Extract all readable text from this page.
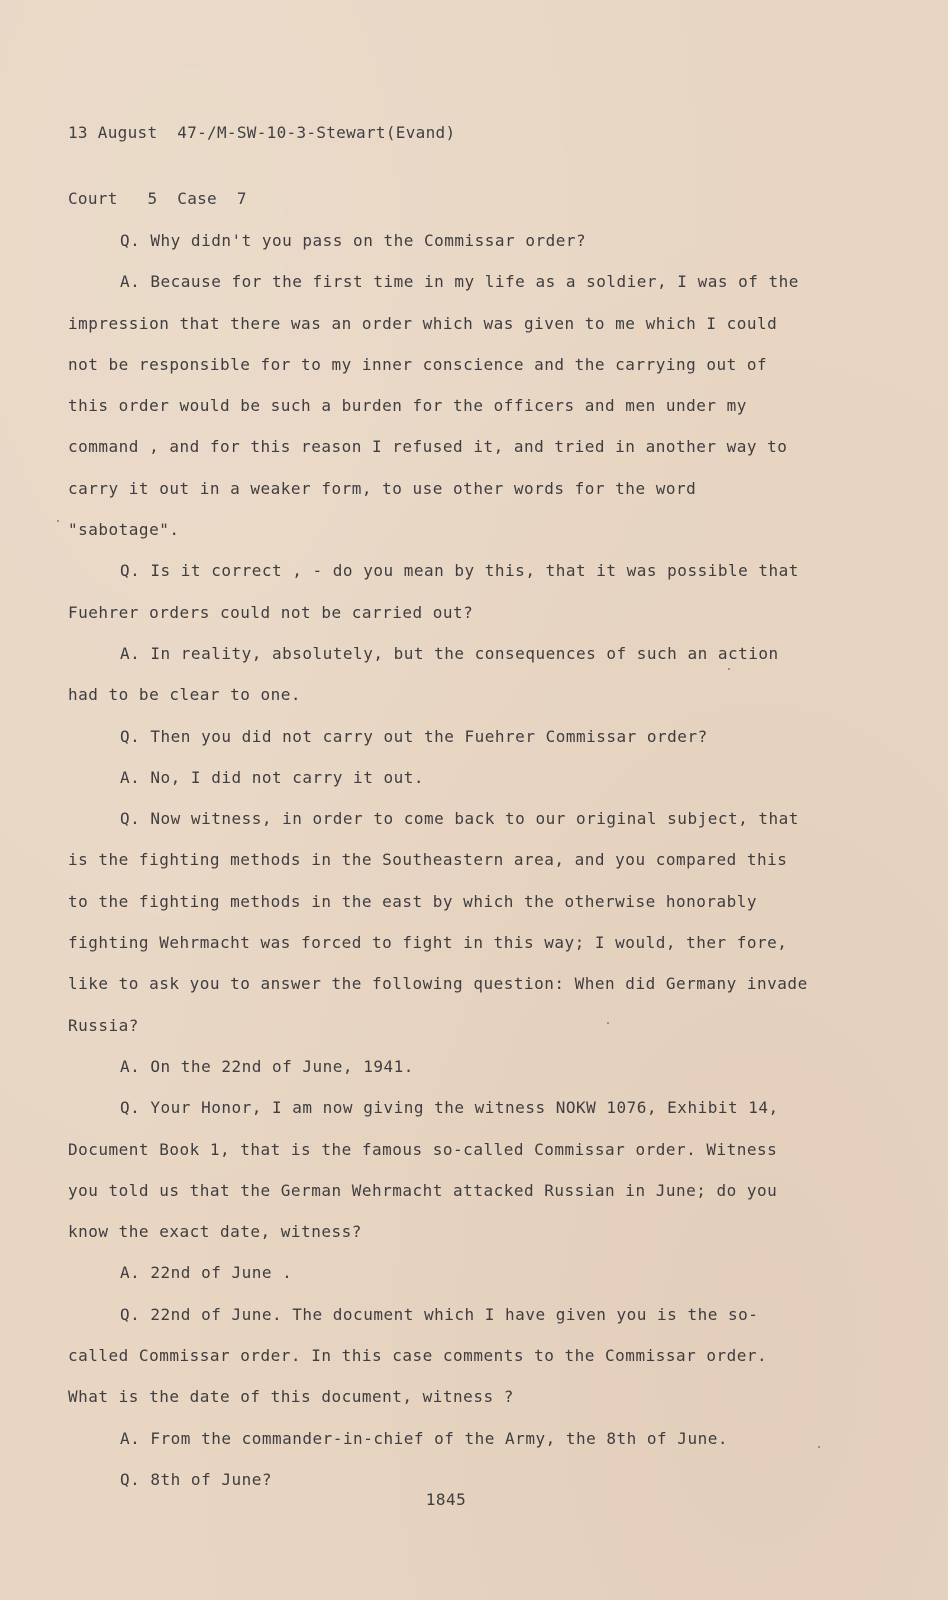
13 August  47-/M-SW-10-3-Stewart(Evand)

Court   5  Case  7

Q. Why didn't you pass on the Commissar order?

A. Because for the first time in my life as a soldier, I was of the impression that there was an order which was given to me which I could not be responsible for to my inner conscience and the carrying out of this order would be such a burden for the officers and men under my command , and for this reason I refused it, and tried in another way to carry it out in a weaker form, to use other words for the word "sabotage".

Q. Is it correct , - do you mean by this, that it was possible that Fuehrer orders could not be carried out?

A. In reality, absolutely, but the consequences of such an action had to be clear to one.

Q. Then you did not carry out the Fuehrer Commissar order?

A. No, I did not carry it out.

Q. Now witness, in order to come back to our original subject, that is the fighting methods in the Southeastern area, and you compared this to the fighting methods in the east by which the otherwise honorably fighting Wehrmacht was forced to fight in this way; I would, ther fore, like to ask you to answer the following question: When did Germany invade Russia?

A. On the 22nd of June, 1941.

Q. Your Honor, I am now giving the witness NOKW 1076, Exhibit 14, Document Book 1, that is the famous so-called Commissar order. Witness you told us that the German Wehrmacht attacked Russian in June; do you know the exact date, witness?

A. 22nd of June .

Q. 22nd of June. The document which I have given you is the so-called Commissar order. In this case comments to the Commissar order. What is the date of this document, witness ?

A. From the commander-in-chief of the Army, the 8th of June.

Q. 8th of June?

1845
